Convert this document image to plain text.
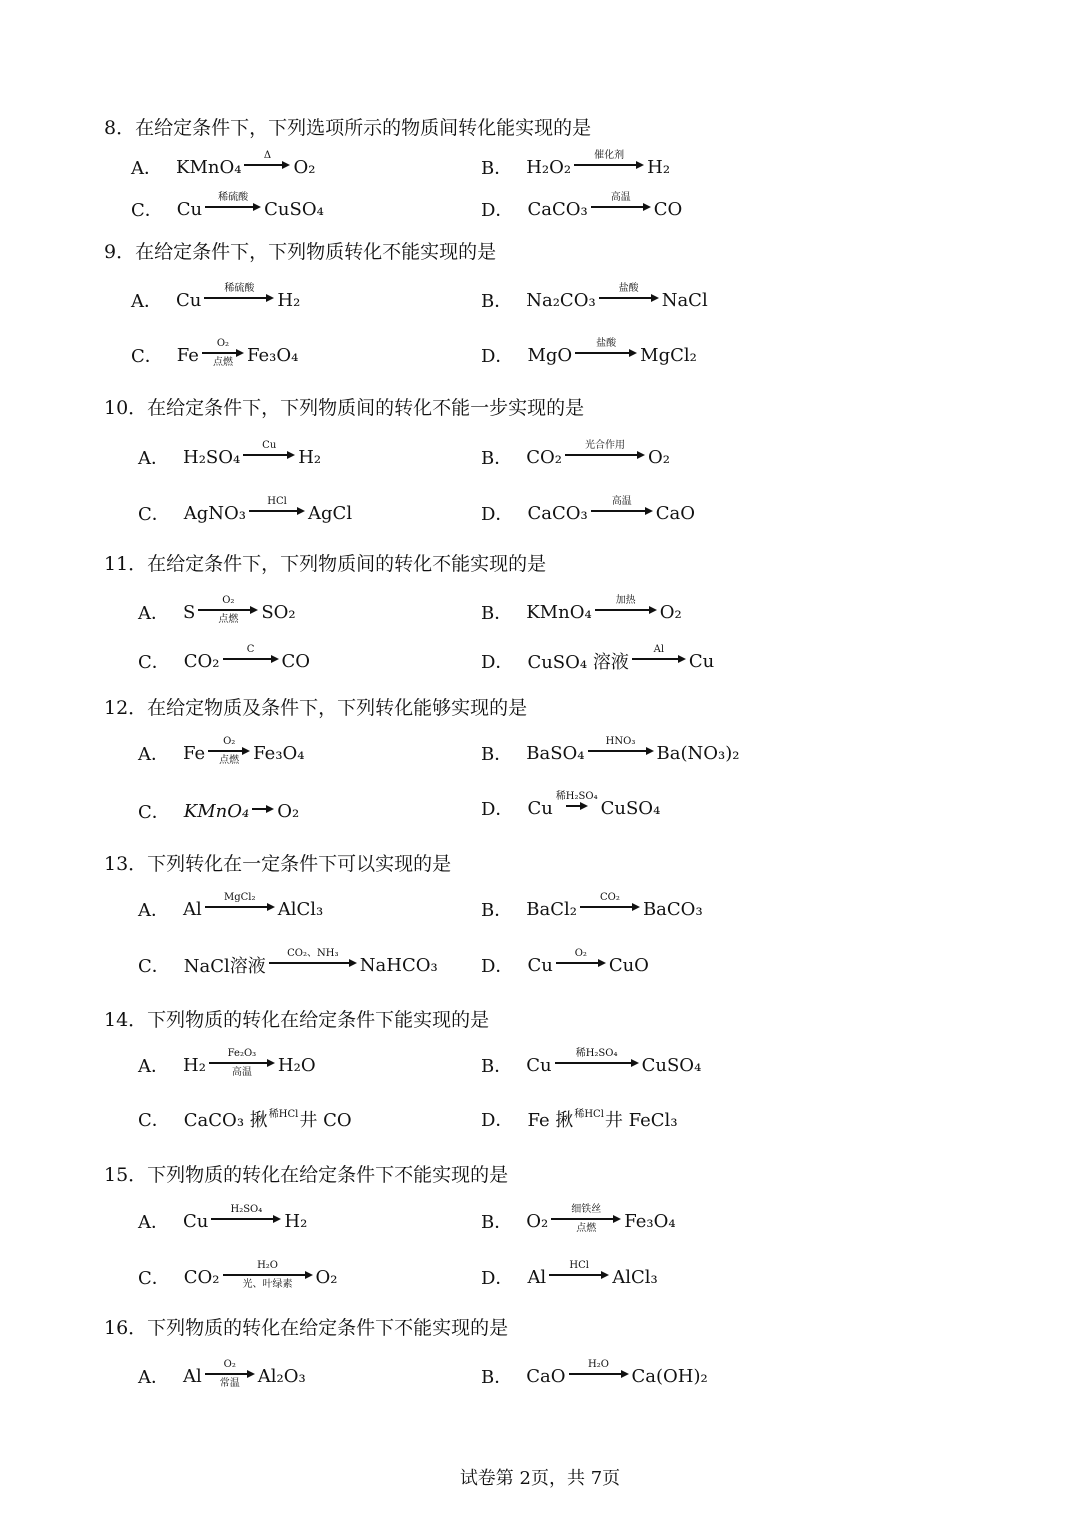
8．在给定条件下，下列选项所示的物质间转化能实现的是
A． KMnO₄
Δ
O₂	B． H₂O₂
催化剂
H₂
C． Cu
稀硫酸
CuSO₄	D． CaCO₃
高温
CO
9．在给定条件下，下列物质转化不能实现的是
A． Cu
稀硫酸
H₂	B． Na₂CO₃
盐酸
NaCl
C． Fe
O₂
点燃 Fe₃O₄	D． MgO
盐酸
MgCl₂
10．在给定条件下，下列物质间的转化不能一步实现的是
A． H₂SO₄
Cu
H₂	B． CO₂
光合作用
O₂
C． AgNO₃
HCl
AgCl	D． CaCO₃
高温
CaO
11．在给定条件下，下列物质间的转化不能实现的是
A． S
O₂
点燃 SO₂	B． KMnO₄
加热
O₂
C． CO₂
C
CO	D． CuSO₄ 溶液
Al
Cu
12．在给定物质及条件下，下列转化能够实现的是
A． Fe
O₂
点燃 Fe₃O₄	B． BaSO₄
HNO₃
Ba(NO₃)₂
C． KMnO₄ O₂	D． Cu
稀H₂SO₄
CuSO₄
13．下列转化在一定条件下可以实现的是
A． Al
MgCl₂
AlCl₃	B． BaCl₂
CO₂
BaCO₃
C． NaCl溶液
CO₂、NH₃
NaHCO₃ D． Cu
O₂
CuO
14．下列物质的转化在给定条件下能实现的是
A． H₂
Fe₂O₃
高温 H₂O	B． Cu
稀H₂SO₄
CuSO₄
C． CaCO₃ 揪 稀HCl 井 CO	D． Fe 揪 稀HCl 井 FeCl₃
15．下列物质的转化在给定条件下不能实现的是
A． Cu
H₂SO₄
H₂	B． O₂
细铁丝
点燃 Fe₃O₄
C． CO₂
H₂O
光、叶绿素 O₂	D． Al
HCl
AlCl₃
16．下列物质的转化在给定条件下不能实现的是
A． Al
O₂
常温 Al₂O₃	B． CaO
H₂O
Ca(OH)₂
试卷第 2页，共 7页
